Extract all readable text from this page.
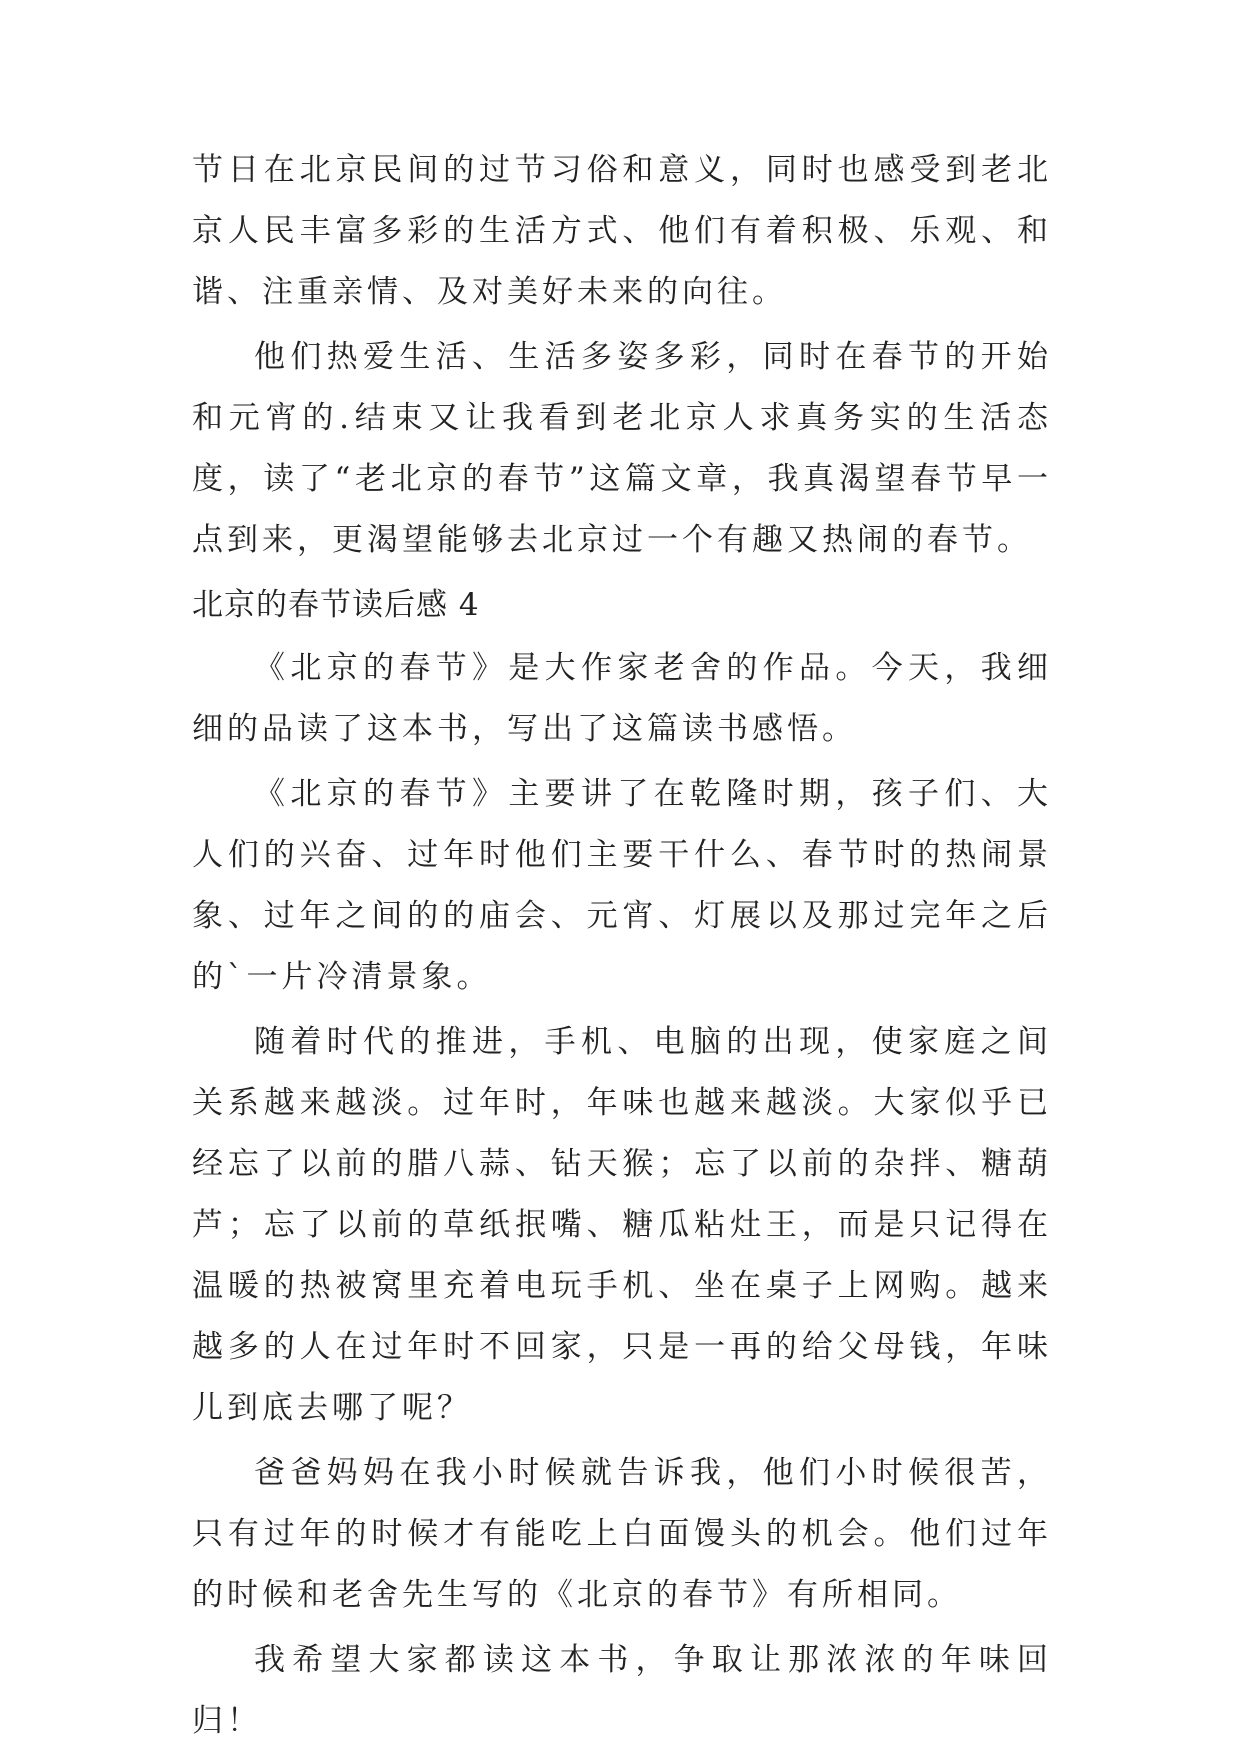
节日在北京民间的过节习俗和意义，同时也感受到老北京人民丰富多彩的生活方式、他们有着积极、乐观、和谐、注重亲情、及对美好未来的向往。

他们热爱生活、生活多姿多彩，同时在春节的开始和元宵的.结束又让我看到老北京人求真务实的生活态度，读了“老北京的春节”这篇文章，我真渴望春节早一点到来，更渴望能够去北京过一个有趣又热闹的春节。

北京的春节读后感 4

《北京的春节》是大作家老舍的作品。今天，我细细的品读了这本书，写出了这篇读书感悟。

《北京的春节》主要讲了在乾隆时期，孩子们、大人们的兴奋、过年时他们主要干什么、春节时的热闹景象、过年之间的的庙会、元宵、灯展以及那过完年之后的`一片冷清景象。

随着时代的推进，手机、电脑的出现，使家庭之间关系越来越淡。过年时，年味也越来越淡。大家似乎已经忘了以前的腊八蒜、钻天猴；忘了以前的杂拌、糖葫芦；忘了以前的草纸抿嘴、糖瓜粘灶王，而是只记得在温暖的热被窝里充着电玩手机、坐在桌子上网购。越来越多的人在过年时不回家，只是一再的给父母钱，年味儿到底去哪了呢？

爸爸妈妈在我小时候就告诉我，他们小时候很苦，只有过年的时候才有能吃上白面馒头的机会。他们过年的时候和老舍先生写的《北京的春节》有所相同。

我希望大家都读这本书，争取让那浓浓的年味回归！
